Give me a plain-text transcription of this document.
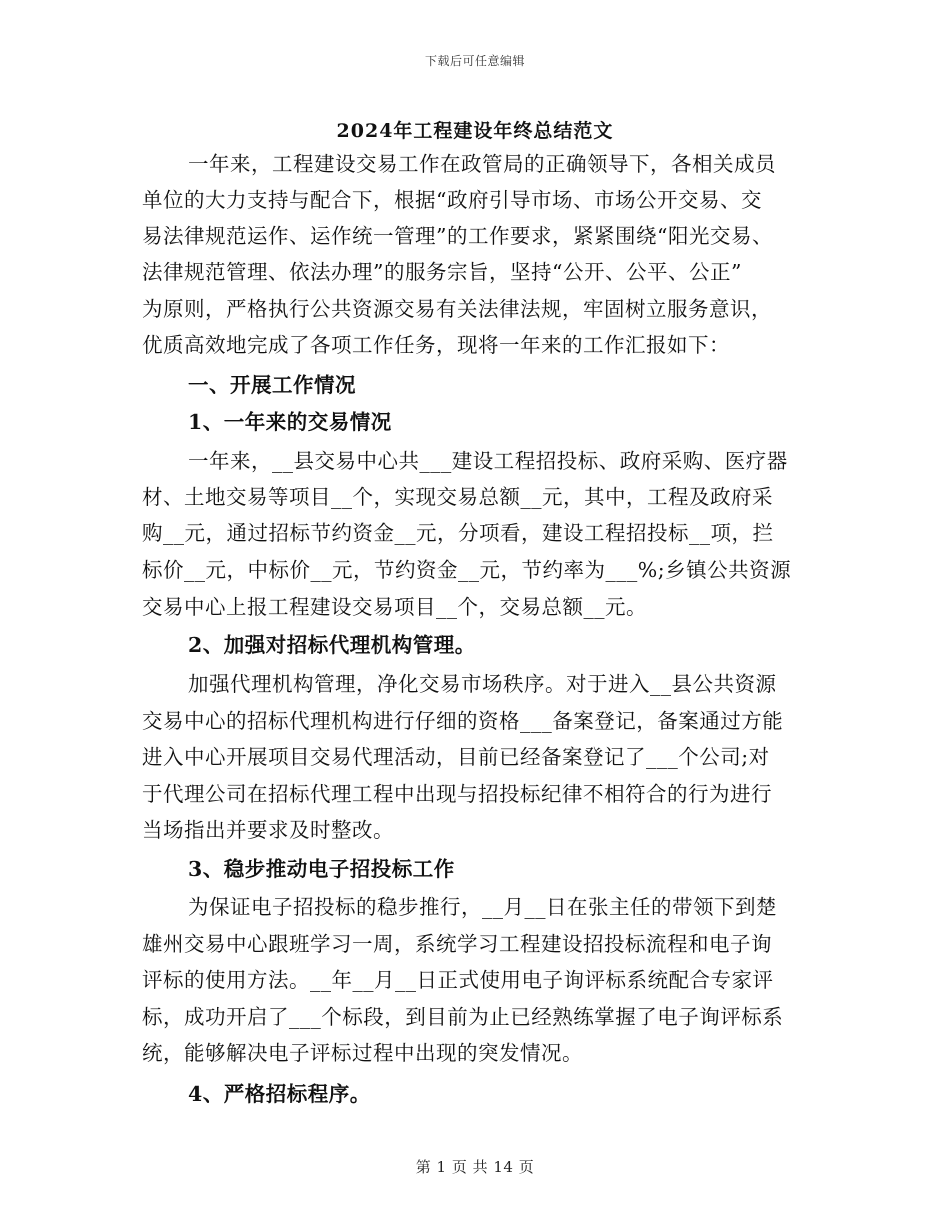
下载后可任意编辑
2024年工程建设年终总结范文
一年来，工程建设交易工作在政管局的正确领导下，各相关成员
单位的大力支持与配合下，根据“政府引导市场、市场公开交易、交
易法律规范运作、运作统一管理”的工作要求，紧紧围绕“阳光交易、
法律规范管理、依法办理”的服务宗旨，坚持“公开、公平、公正”
为原则，严格执行公共资源交易有关法律法规，牢固树立服务意识，
优质高效地完成了各项工作任务，现将一年来的工作汇报如下：
一、开展工作情况
1、一年来的交易情况
一年来，__县交易中心共___建设工程招投标、政府采购、医疗器
材、土地交易等项目__个，实现交易总额__元，其中，工程及政府采
购__元，通过招标节约资金__元，分项看，建设工程招投标__项，拦
标价__元，中标价__元，节约资金__元，节约率为___%;乡镇公共资源
交易中心上报工程建设交易项目__个，交易总额__元。
2、加强对招标代理机构管理。
加强代理机构管理，净化交易市场秩序。对于进入__县公共资源
交易中心的招标代理机构进行仔细的资格___备案登记，备案通过方能
进入中心开展项目交易代理活动，目前已经备案登记了___个公司;对
于代理公司在招标代理工程中出现与招投标纪律不相符合的行为进行
当场指出并要求及时整改。
3、稳步推动电子招投标工作
为保证电子招投标的稳步推行，__月__日在张主任的带领下到楚
雄州交易中心跟班学习一周，系统学习工程建设招投标流程和电子询
评标的使用方法。__年__月__日正式使用电子询评标系统配合专家评
标，成功开启了___个标段，到目前为止已经熟练掌握了电子询评标系
统，能够解决电子评标过程中出现的突发情况。
4、严格招标程序。
第 1 页 共 14 页
